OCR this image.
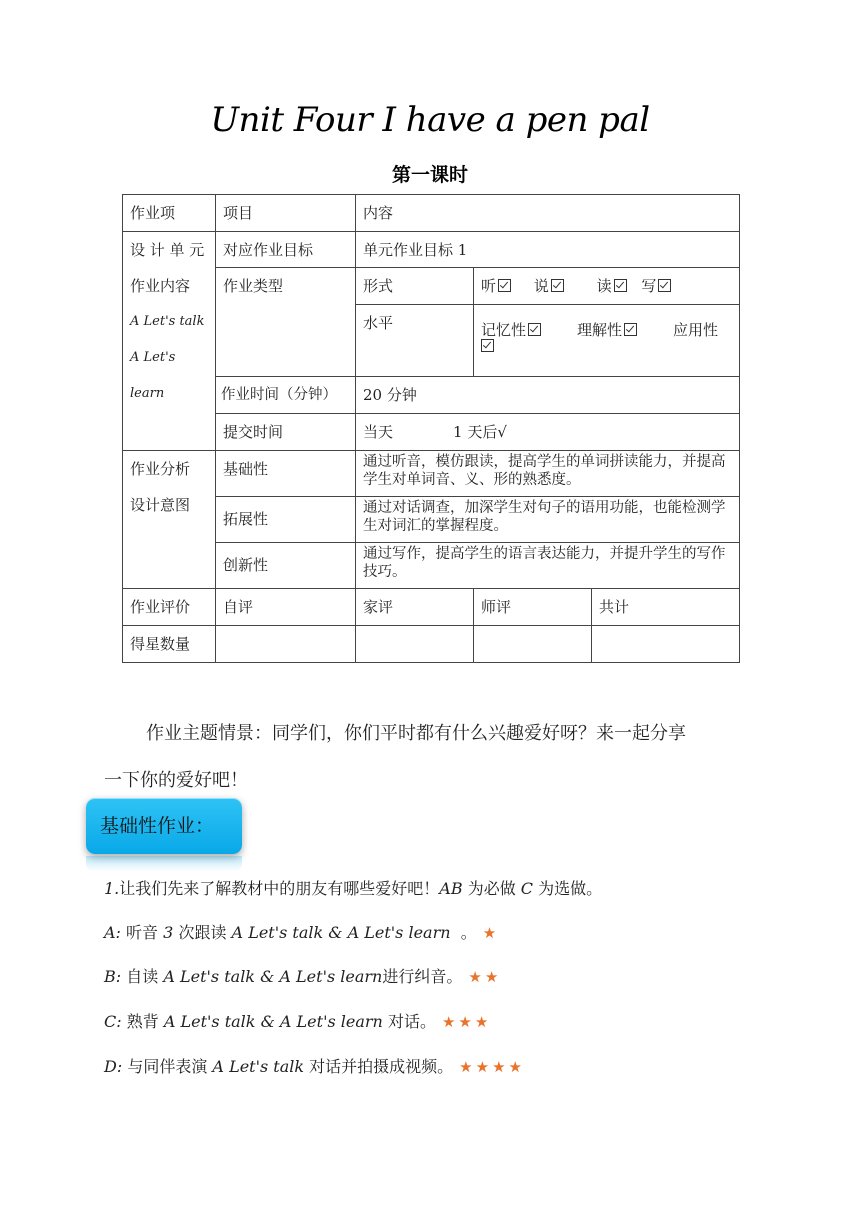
Unit Four I have a pen pal
第一课时
作业项	项目	内容		

设 计 单 元
作业内容
A Let's talk
A Let's learn	对应作业目标	单元作业目标 1		
	作业类型	形式	听 说 读 写	
		水平	记忆性 理解性 应用性	

	作业时间（分钟）	20 分钟		
	提交时间	当天 1 天后√		

作业分析
设计意图	基础性	通过听音，模仿跟读，提高学生的单词拼读能力，并提高学生对单词音、义、形的熟悉度。		
	拓展性	通过对话调查，加深学生对句子的语用功能，也能检测学生对词汇的掌握程度。		
	创新性	通过写作，提高学生的语言表达能力，并提升学生的写作技巧。		
作业评价	自评	家评	师评	共计
得星数量				
作业主题情景：同学们，你们平时都有什么兴趣爱好呀？来一起分享
一下你的爱好吧！
基础性作业：
1.让我们先来了解教材中的朋友有哪些爱好吧！AB 为必做 C 为选做。
A: 听音 3 次跟读 A Let's talk & A Let's learn 。 ★
B: 自读 A Let's talk & A Let's learn进行纠音。 ★★
C: 熟背 A Let's talk & A Let's learn 对话。 ★★★
D: 与同伴表演 A Let's talk 对话并拍摄成视频。 ★★★★
